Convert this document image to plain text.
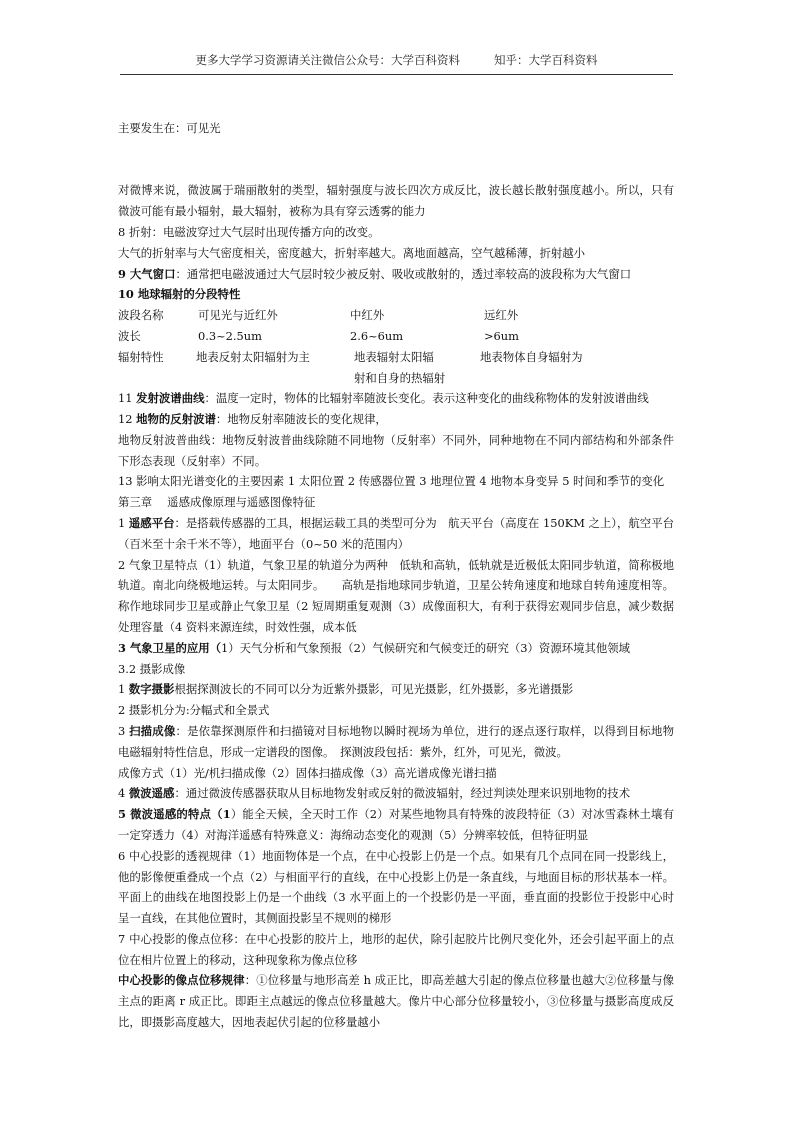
更多大学学习资源请关注微信公众号：大学百科资料	知乎：大学百科资料

主要发生在：可见光

对微博来说，微波属于瑞丽散射的类型，辐射强度与波长四次方成反比，波长越长散射强度越小。所以，只有微波可能有最小辐射，最大辐射，被称为具有穿云透雾的能力

8 折射：电磁波穿过大气层时出现传播方向的改变。

大气的折射率与大气密度相关，密度越大，折射率越大。离地面越高，空气越稀薄，折射越小

9 大气窗口：通常把电磁波通过大气层时较少被反射、吸收或散射的，透过率较高的波段称为大气窗口

10 地球辐射的分段特性

波段名称	可见光与近红外	中红外	远红外
波长	0.3~2.5um	2.6~6um	>6um
辐射特性	地表反射太阳辐射为主	地表辐射太阳辐	地表物体自身辐射为
射和自身的热辐射

11 发射波谱曲线：温度一定时，物体的比辐射率随波长变化。表示这种变化的曲线称物体的发射波谱曲线

12 地物的反射波谱：地物反射率随波长的变化规律，

地物反射波普曲线：地物反射波普曲线除随不同地物（反射率）不同外，同种地物在不同内部结构和外部条件下形态表现（反射率）不同。

13 影响太阳光谱变化的主要因素 1 太阳位置 2 传感器位置 3 地理位置 4 地物本身变异 5 时间和季节的变化

第三章　 遥感成像原理与遥感图像特征

1 遥感平台：是搭载传感器的工具，根据运载工具的类型可分为　航天平台（高度在 150KM 之上），航空平台（百米至十余千米不等），地面平台（0~50 米的范围内）

2 气象卫星特点（1）轨道，气象卫星的轨道分为两种　低轨和高轨，低轨就是近极低太阳同步轨道，简称极地轨道。南北向绕极地运转。与太阳同步。　　高轨是指地球同步轨道，卫星公转角速度和地球自转角速度相等。称作地球同步卫星或静止气象卫星（2 短周期重复观测（3）成像面积大，有利于获得宏观同步信息，减少数据处理容量（4 资料来源连续，时效性强，成本低

3 气象卫星的应用（1）天气分析和气象预报（2）气候研究和气候变迁的研究（3）资源环境其他领域

3.2 摄影成像

1 数字摄影根据探测波长的不同可以分为近紫外摄影，可见光摄影，红外摄影，多光谱摄影

2 摄影机分为:分幅式和全景式

3 扫描成像：是依靠探测原件和扫描镜对目标地物以瞬时视场为单位，进行的逐点逐行取样，以得到目标地物电磁辐射特性信息，形成一定谱段的图像。　探测波段包括：紫外，红外，可见光，微波。

成像方式（1）光/机扫描成像（2）固体扫描成像（3）高光谱成像光谱扫描

4 微波遥感：通过微波传感器获取从目标地物发射或反射的微波辐射，经过判读处理来识别地物的技术

5 微波遥感的特点（1）能全天候，全天时工作（2）对某些地物具有特殊的波段特征（3）对冰雪森林土壤有一定穿透力（4）对海洋遥感有特殊意义：海绵动态变化的观测（5）分辨率较低，但特征明显

6 中心投影的透视规律（1）地面物体是一个点，在中心投影上仍是一个点。如果有几个点同在同一投影线上，他的影像便重叠成一个点（2）与相面平行的直线，在中心投影上仍是一条直线，与地面目标的形状基本一样。平面上的曲线在地图投影上仍是一个曲线（3 水平面上的一个投影仍是一平面，垂直面的投影位于投影中心时呈一直线，在其他位置时，其侧面投影呈不规则的梯形

7 中心投影的像点位移：在中心投影的胶片上，地形的起伏，除引起胶片比例尺变化外，还会引起平面上的点位在相片位置上的移动，这种现象称为像点位移

中心投影的像点位移规律：①位移量与地形高差 h 成正比，即高差越大引起的像点位移量也越大②位移量与像主点的距离 r 成正比。即距主点越远的像点位移量越大。像片中心部分位移量较小，③位移量与摄影高度成反比，即摄影高度越大，因地表起伏引起的位移量越小
